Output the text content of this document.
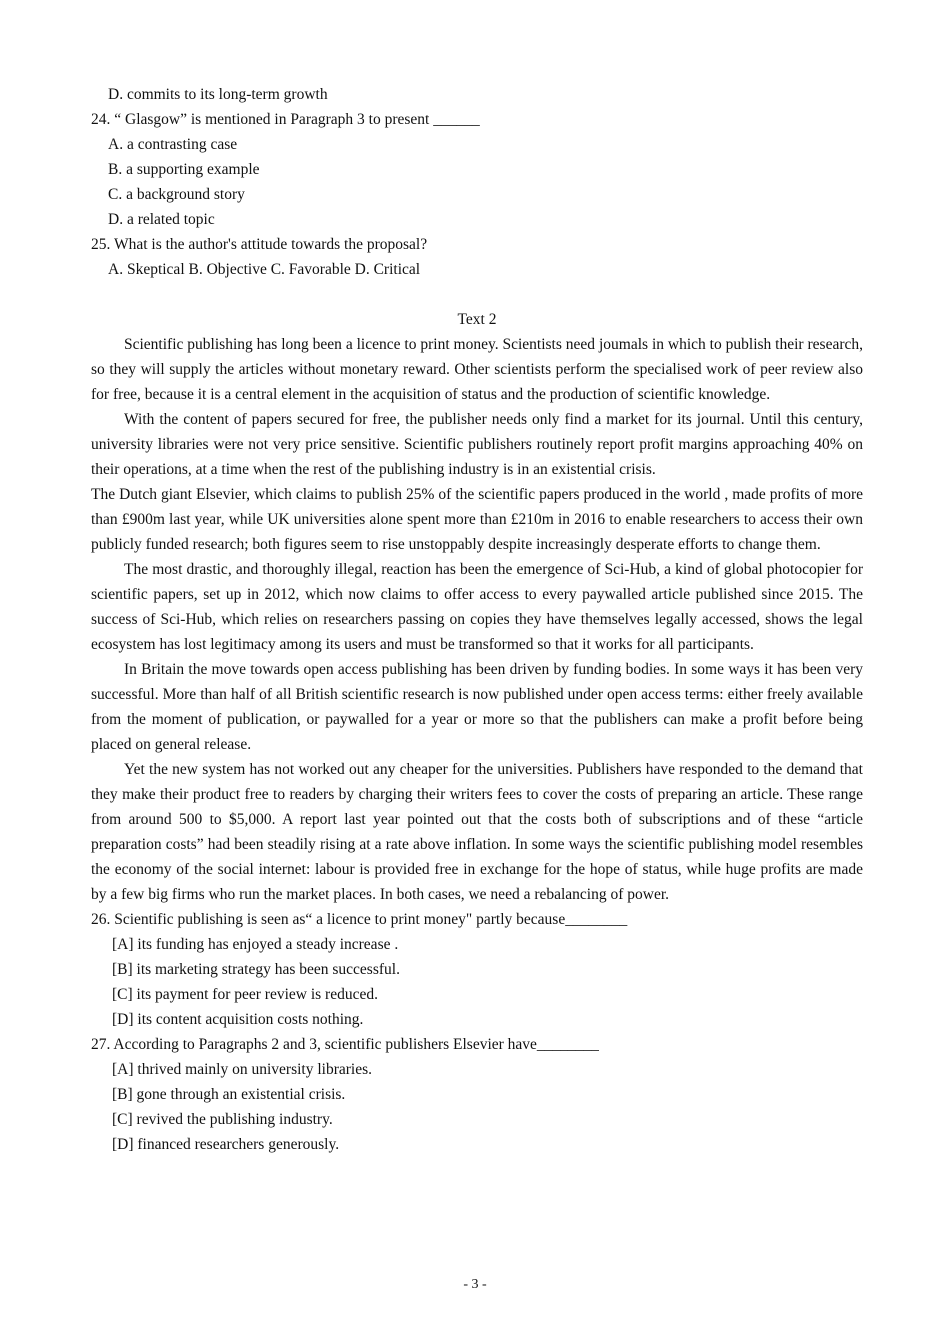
D. commits to its long-term growth
24. “ Glasgow” is mentioned in Paragraph 3 to present ______
A. a contrasting case
B. a supporting example
C. a background story
D. a related topic
25. What is the author's attitude towards the proposal?
A. Skeptical B. Objective C. Favorable D. Critical
Text 2
Scientific publishing has long been a licence to print money. Scientists need joumals in which to publish their research, so they will supply the articles without monetary reward. Other scientists perform the specialised work of peer review also for free, because it is a central element in the acquisition of status and the production of scientific knowledge.
With the content of papers secured for free, the publisher needs only find a market for its journal. Until this century, university libraries were not very price sensitive. Scientific publishers routinely report profit margins approaching 40% on their operations, at a time when the rest of the publishing industry is in an existential crisis.
The Dutch giant Elsevier, which claims to publish 25% of the scientific papers produced in the world , made profits of more than £900m last year, while UK universities alone spent more than £210m in 2016 to enable researchers to access their own publicly funded research; both figures seem to rise unstoppably despite increasingly desperate efforts to change them.
The most drastic, and thoroughly illegal, reaction has been the emergence of Sci-Hub, a kind of global photocopier for scientific papers, set up in 2012, which now claims to offer access to every paywalled article published since 2015. The success of Sci-Hub, which relies on researchers passing on copies they have themselves legally accessed, shows the legal ecosystem has lost legitimacy among its users and must be transformed so that it works for all participants.
In Britain the move towards open access publishing has been driven by funding bodies. In some ways it has been very successful. More than half of all British scientific research is now published under open access terms: either freely available from the moment of publication, or paywalled for a year or more so that the publishers can make a profit before being placed on general release.
Yet the new system has not worked out any cheaper for the universities. Publishers have responded to the demand that they make their product free to readers by charging their writers fees to cover the costs of preparing an article. These range from around 500 to $5,000. A report last year pointed out that the costs both of subscriptions and of these “article preparation costs” had been steadily rising at a rate above inflation. In some ways the scientific publishing model resembles the economy of the social internet: labour is provided free in exchange for the hope of status, while huge profits are made by a few big firms who run the market places. In both cases, we need a rebalancing of power.
26. Scientific publishing is seen as“ a licence to print money" partly because________
[A] its funding has enjoyed a steady increase .
[B] its marketing strategy has been successful.
[C] its payment for peer review is reduced.
[D] its content acquisition costs nothing.
27. According to Paragraphs 2 and 3, scientific publishers Elsevier have________
[A] thrived mainly on university libraries.
[B] gone through an existential crisis.
[C] revived the publishing industry.
[D] financed researchers generously.
- 3 -
